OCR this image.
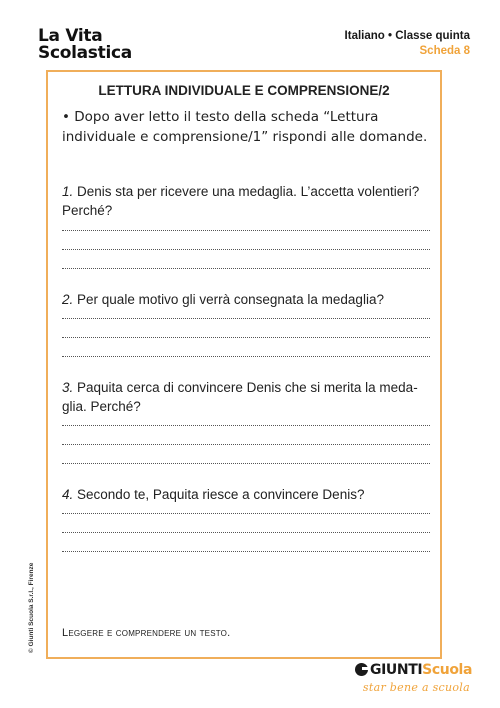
La Vita
Scolastica
Italiano • Classe quinta
Scheda 8
LETTURA INDIVIDUALE E COMPRENSIONE/2
• Dopo aver letto il testo della scheda “Lettura individuale e comprensione/1” rispondi alle domande.
1. Denis sta per ricevere una medaglia. L’accetta volentieri? Perché?
2. Per quale motivo gli verrà consegnata la medaglia?
3. Paquita cerca di convincere Denis che si merita la meda-glia. Perché?
4. Secondo te, Paquita riesce a convincere Denis?
Leggere e comprendere un testo.
© Giunti Scuola S.r.l., Firenze
GIUNTIScuola
star bene a scuola
